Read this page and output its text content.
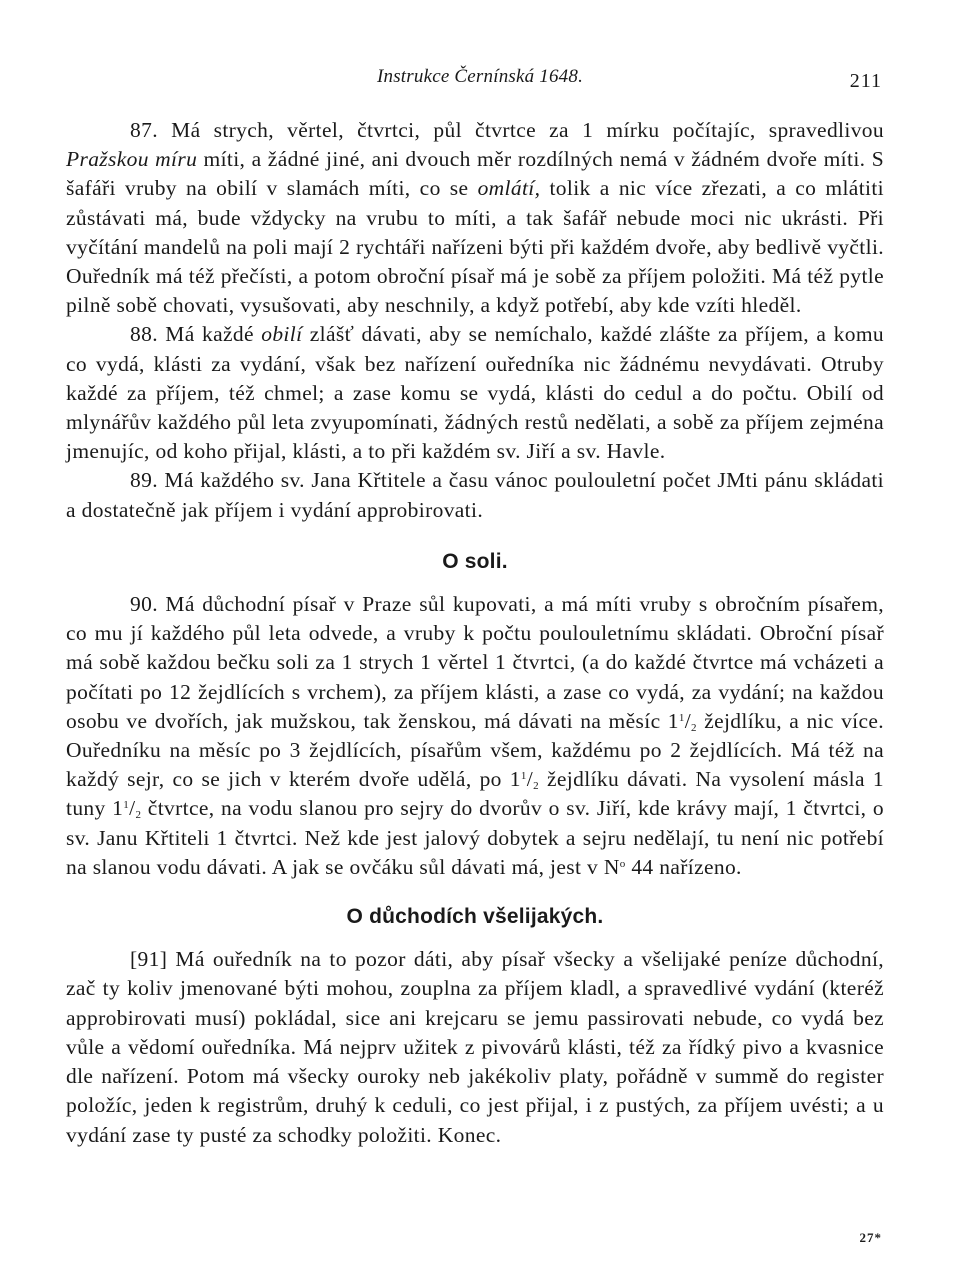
Instrukce Černínská 1648.	211

87. Má strych, věrtel, čtvrtci, půl čtvrtce za 1 mírku počítajíc, spravedlivou Pražskou míru míti, a žádné jiné, ani dvouch měr rozdílných nemá v žádném dvoře míti. S šafáři vruby na obilí v slamách míti, co se omlátí, tolik a nic více zřezati, a co mlátiti zůstávati má, bude vždycky na vrubu to míti, a tak šafář nebude moci nic ukrásti. Při vyčítání mandelů na poli mají 2 rychtáři nařízeni býti při každém dvoře, aby bedlivě vyčtli. Ouředník má též přečísti, a potom obroční písař má je sobě za příjem položiti. Má též pytle pilně sobě chovati, vysušovati, aby neschnily, a když potřebí, aby kde vzíti hleděl.

88. Má každé obilí zlášť dávati, aby se nemíchalo, každé zlášte za příjem, a komu co vydá, klásti za vydání, však bez nařízení ouředníka nic žádnému nevydávati. Otruby každé za příjem, též chmel; a zase komu se vydá, klásti do cedul a do počtu. Obilí od mlynářův každého půl leta zvyupomínati, žádných restů nedělati, a sobě za příjem zejména jmenujíc, od koho přijal, klásti, a to při každém sv. Jiří a sv. Havle.

89. Má každého sv. Jana Křtitele a času vánoc poulouletní počet JMti pánu skládati a dostatečně jak příjem i vydání approbirovati.

O soli.

90. Má důchodní písař v Praze sůl kupovati, a má míti vruby s obročním písařem, co mu jí každého půl leta odvede, a vruby k počtu poulouletnímu skládati. Obroční písař má sobě každou bečku soli za 1 strych 1 věrtel 1 čtvrtci, (a do každé čtvrtce má vcházeti a počítati po 12 žejdlících s vrchem), za příjem klásti, a zase co vydá, za vydání; na každou osobu ve dvořích, jak mužskou, tak ženskou, má dávati na měsíc $1^1/_2$ žejdlíku, a nic více. Ouředníku na měsíc po 3 žejdlících, písařům všem, každému po 2 žejdlících. Má též na každý sejr, co se jich v kterém dvoře udělá, po $1^1/_2$ žejdlíku dávati. Na vysolení másla 1 tuny $1^1/_2$ čtvrtce, na vodu slanou pro sejry do dvorův o sv. Jiří, kde krávy mají, 1 čtvrtci, o sv. Janu Křtiteli 1 čtvrtci. Než kde jest jalový dobytek a sejru nedělají, tu není nic potřebí na slanou vodu dávati. A jak se ovčáku sůl dávati má, jest v $N^o$ 44 nařízeno.

O důchodích všelijakých.

[91] Má ouředník na to pozor dáti, aby písař všecky a všelijaké peníze důchodní, zač ty koliv jmenované býti mohou, zouplna za příjem kladl, a spravedlivé vydání (kteréž approbirovati musí) pokládal, sice ani krejcaru se jemu passirovati nebude, co vydá bez vůle a vědomí ouředníka. Má nejprv užitek z pivovárů klásti, též za řídký pivo a kvasnice dle nařízení. Potom má všecky ouroky neb jakékoliv platy, pořádně v summě do register položíc, jeden k registrům, druhý k ceduli, co jest přijal, i z pustých, za příjem uvésti; a u vydání zase ty pusté za schodky položiti. Konec.

27*
